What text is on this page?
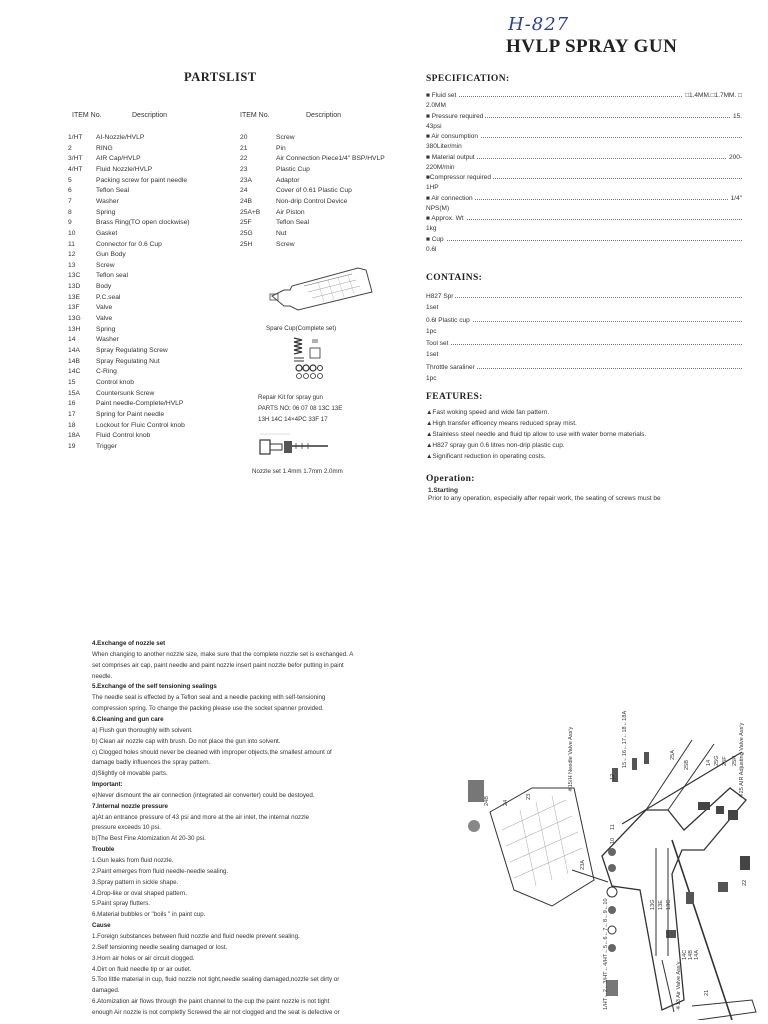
H-827
HVLP SPRAY GUN
PARTSLIST
ITEM No.	Description	ITEM No.	Description
1/HT AI-Nozzle/HVLP
2	RING
3/HT AIR Cap/HVLP
4/HT Fluid Nozzle/HVLP
5	Packing screw for paint needle
6	Teflon Seal
7	Washer
8	Spring
9	Brass Ring(TO open clockwise)
10	Gasket
11	Connector for 0.6 Cup
12	Gun Body
13	Screw
13C Teflon seal
13D Body
13E P.C.seal
13F Valve
13G Valve
13H Spring
14	Washer
14A Spray Regulating Screw
14B Spray Regulating Nut
14C C-Ring
15	Control knob
15A Countersunk Screw
16	Paint needle-Complete/HVLP
17	Spring for Paint needle
18	Lockout for Fluic Control knob
18A Fluid Control knob
19	Trigger
20	Screw
21	Pin
22	Air Connection Piece1/4" BSP/HVLP
23	Plastic Cup
23A	Adaptor
24	Cover of 0.61 Plastic Cup
24B	Non-drip Control Device
25A+B Air Piston
25F	Teflon Seal
25G	Nut
25H	Screw
Spare Cup(Complete set)
Repair Kit for spray gun
PARTS NO: 06 07 08 13C 13E
13H 14C 14×4PC 33F 17
Nozzle set 1.4mm 1.7mm 2.0mm
SPECIFICATION:
■ Fluid set	□1.4MM.□1.7MM. □
2.0MM
■ Pressure required	15.
43psi
■ Air consumption
380Liter/min
■ Material output	200-
220M/min
■Compressor required
1HP
■ Air connection	1/4"
NPS(M)
■ Approx. Wt
1kg
■ Cup
0.6l
CONTAINS:
H827 Spr
1set
0.6l Plastic cup
1pc
Tool set
1set
Throttle saraliner
1pc
FEATURES:
▲Fast woking speed and wide fan pattern.
▲High transfer efficency means reduced spray mist.
▲Stainless steel needle and fluid tip allow to use with water borne materials.
▲H827 spray gun 0.6 litres non-drip plastic cup.
▲Significant reduction in operating costs.
Operation:
1.Starting
Prior to any operation, especially after repair work, the seating of screws must be
4.Exchange of nozzle set
When changing to another nozzle size, make sure that the complete nozzle set is exchanged. A
set comprises air cap, paint needle and paint nozzle insert paint nozzle befor putting in paint
needle.
5.Exchange of the self tensioning sealings
The needle seal is effected by a Teflon seal and a needle packing with self-tensioning
compression spring. To change the packing please use the socket spanner provided.
6.Cleaning and gun care
a) Flush gun thoroughly with solvent.
b) Clean air nozzle cap with brush. Do not place the gun into solvent.
c) Clogged holes should never be cleaned with improper objects,the smallest amount of
damage badly influences the spray pattern.
d)Slightly oil movable parts.
Important:
e)Never dismount the air connection (integrated air converter) could be destoyed.
7.Internal nozzle pressure
a)At an entrance pressure of 43 psi and more at the air inlet, the internal nozzle
pressure exceeds 10 psi.
b)The Best Fine Atomization At 20-30 psi.
Trouble
1.Gun leaks from fluid nozzle.
2.Paint emerges from fluid needle-needle sealing.
3.Spray pattern in sickle shape.
4.Drop-like or oval shaped pattern.
5.Paint spray flutters.
6.Material bubbles or "boils " in paint cup.
Cause
1.Foreign substances between fluid nozzle and fluid needle prevent sealing.
2.Self tensioning needle sealing damaged or lost.
3.Horn air holes or air circuit clogged.
4.Dirt on fluid needle tip or air outlet.
5.Too little material in cup, fluid nozzle not tight,needle sealing damaged,nozzle set dirty or
damaged.
6.Atomization air flows through the paint channel to the cup the paint nozzle is not tight
enough Air nozzle is not completly Screwed the air not clogged and the seat is defective or
※15/H Needle Valve Ass'y	※25 AIR Adjusting Valve Ass'y
※13 Air Valve Ass'y
24B 24
23
23A
25A
25B	14 25G 25F 25H
22
21
12
11
10
15←16←17←18←18A
1/HT←2←3/HT←4/HT←5←6←7←8←9←10	14C 14B 14A
13C
13E
13G
